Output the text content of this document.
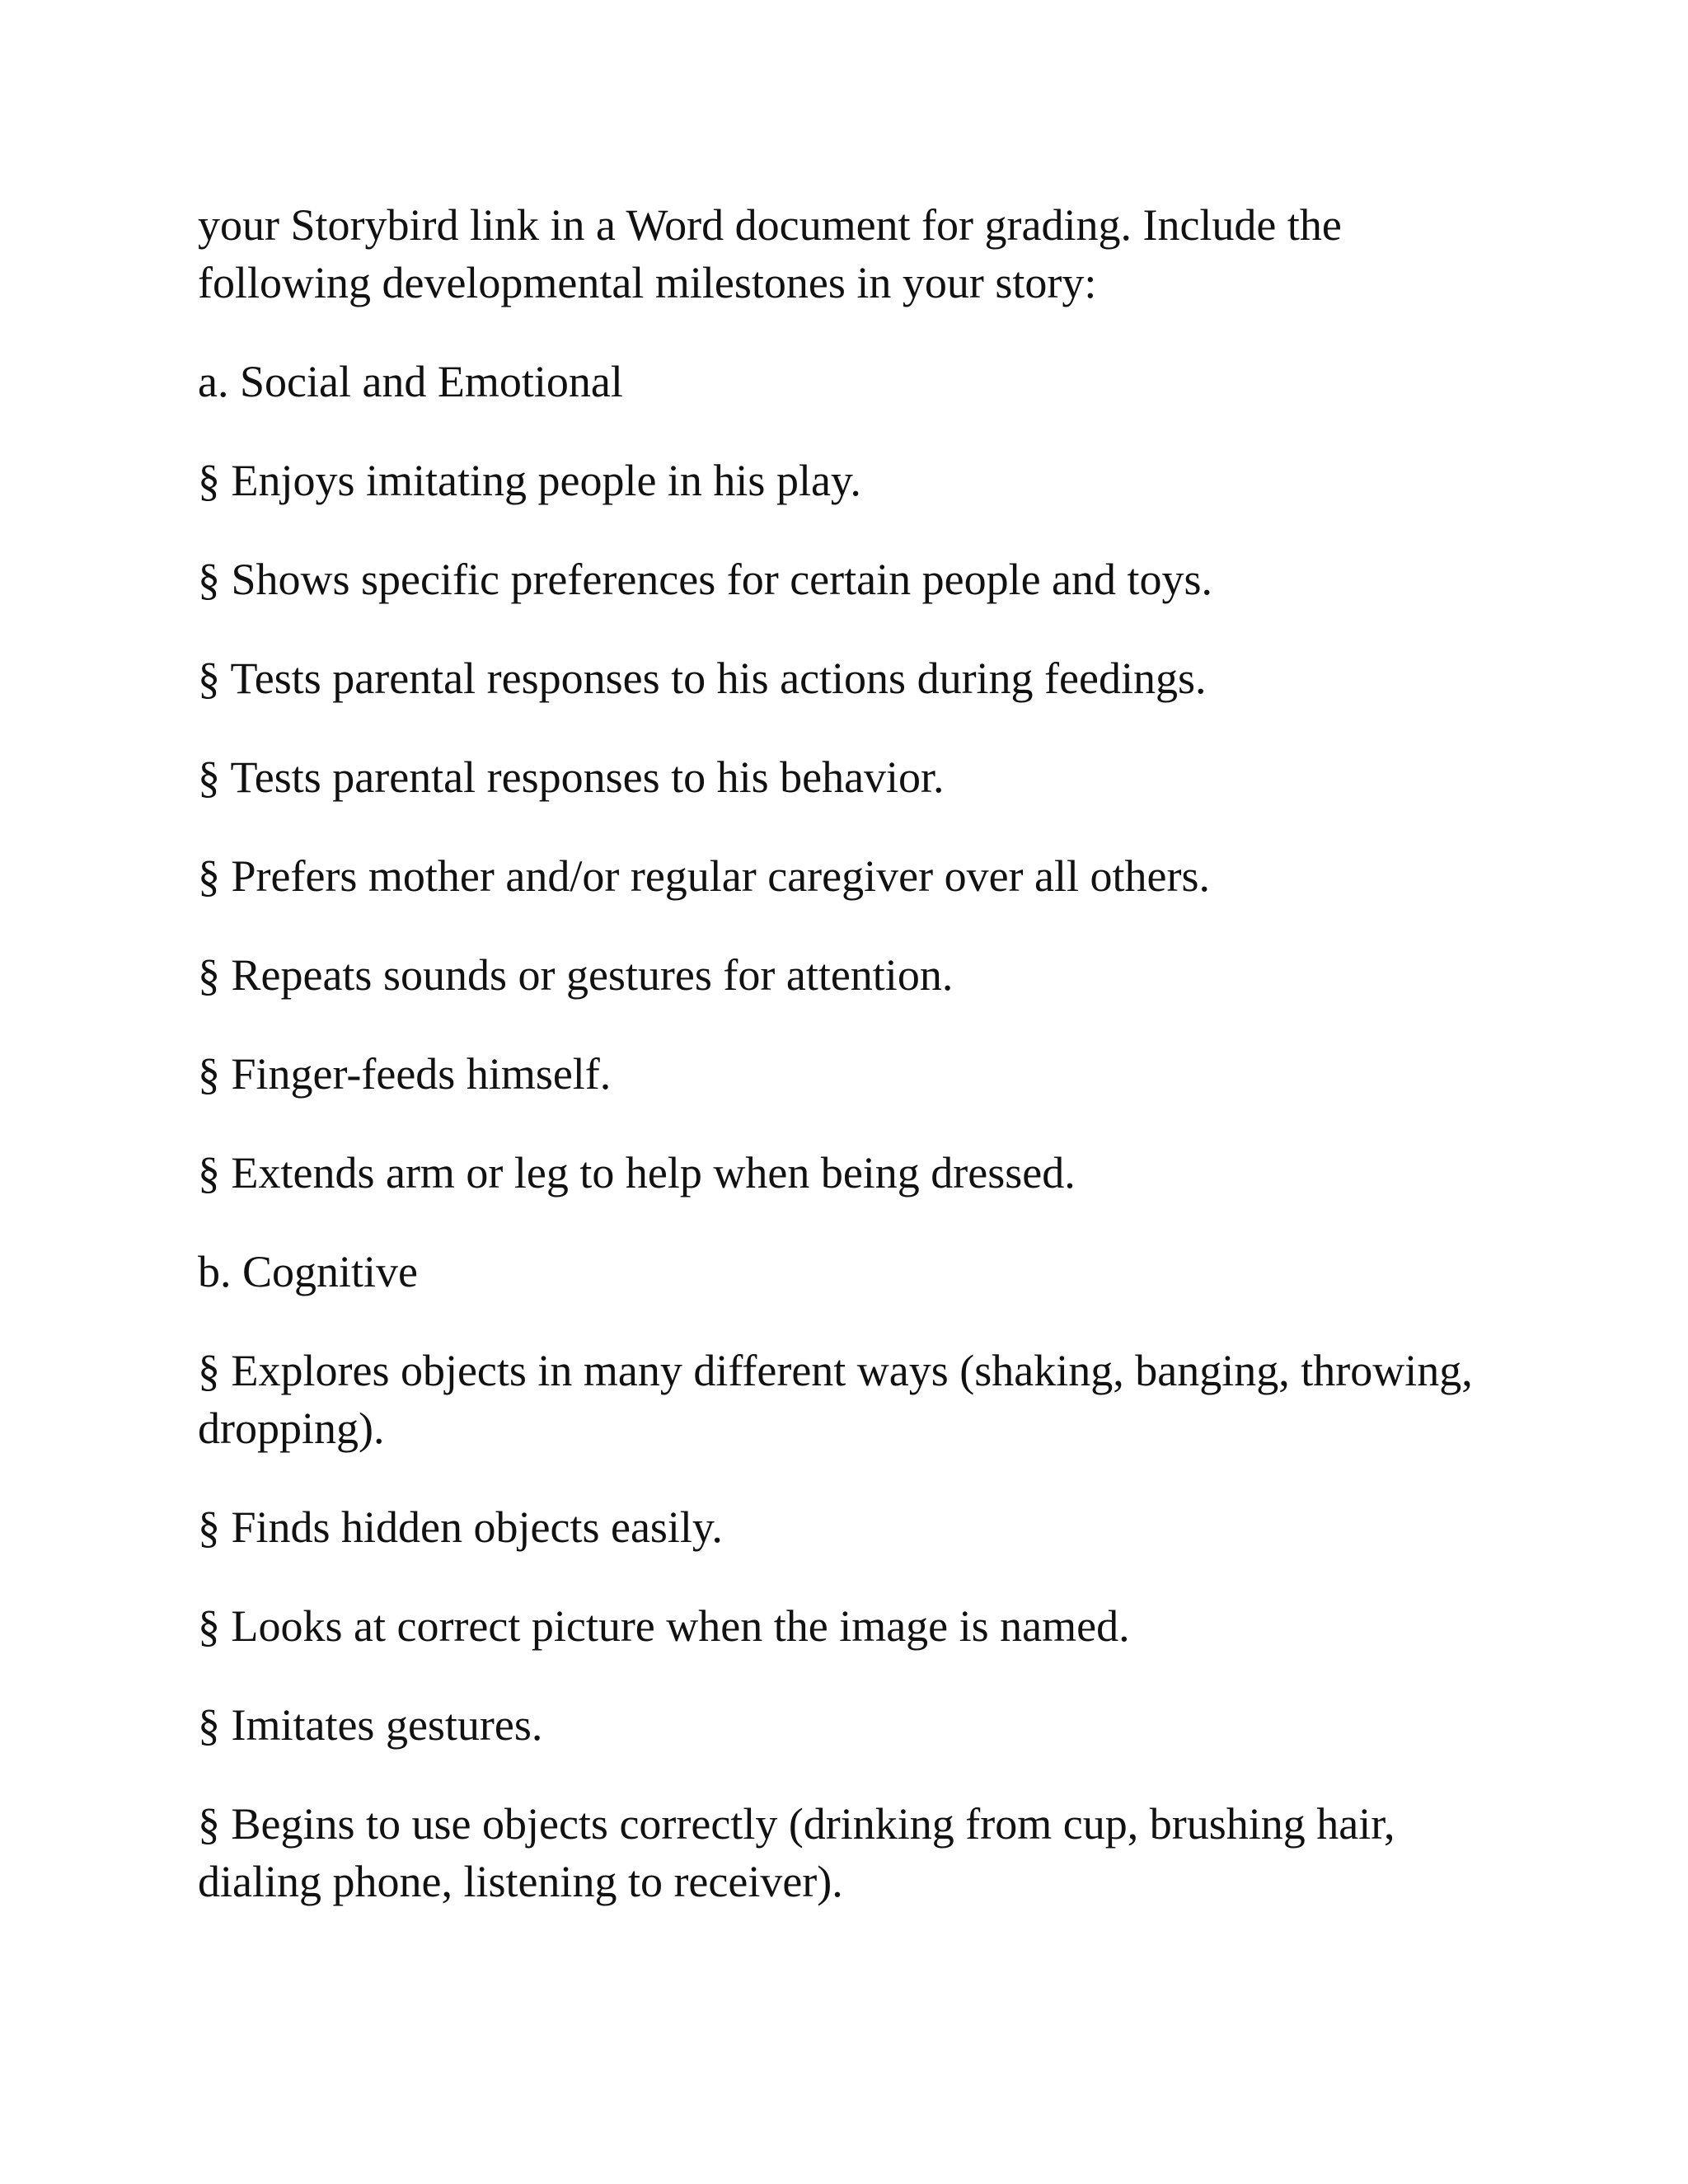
your Storybird link in a Word document for grading. Include the following developmental milestones in your story:

a. Social and Emotional

§ Enjoys imitating people in his play.

§ Shows specific preferences for certain people and toys.

§ Tests parental responses to his actions during feedings.

§ Tests parental responses to his behavior.

§ Prefers mother and/or regular caregiver over all others.

§ Repeats sounds or gestures for attention.

§ Finger-feeds himself.

§ Extends arm or leg to help when being dressed.

b. Cognitive

§ Explores objects in many different ways (shaking, banging, throwing, dropping).

§ Finds hidden objects easily.

§ Looks at correct picture when the image is named.

§ Imitates gestures.

§ Begins to use objects correctly (drinking from cup, brushing hair, dialing phone, listening to receiver).
